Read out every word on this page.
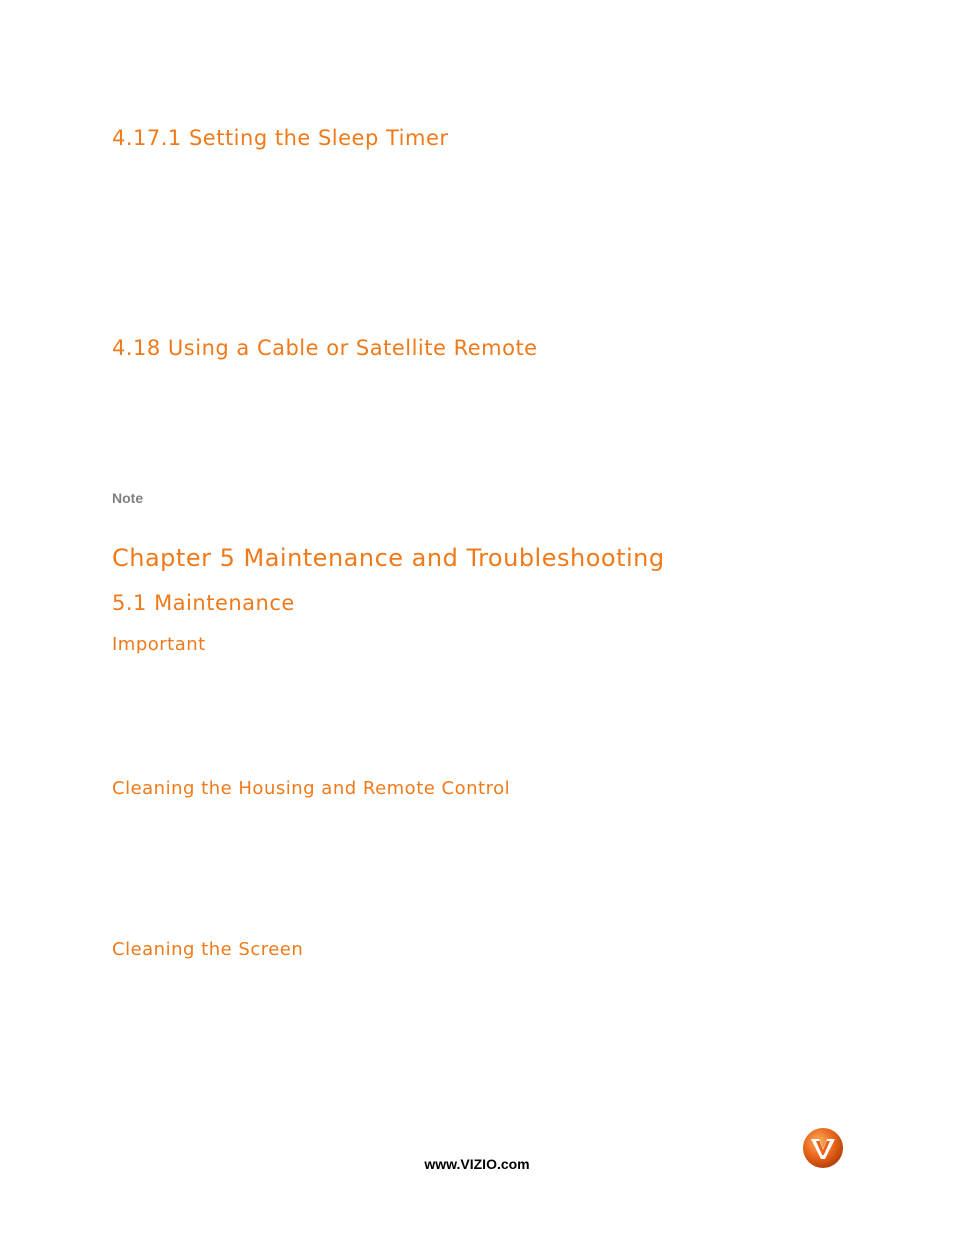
4.17.1 Setting the Sleep Timer
4.18 Using a Cable or Satellite Remote

Note

Chapter 5 Maintenance and Troubleshooting
5.1 Maintenance
Important
Cleaning the Housing and Remote Control
Cleaning the Screen

www.VIZIO.com
